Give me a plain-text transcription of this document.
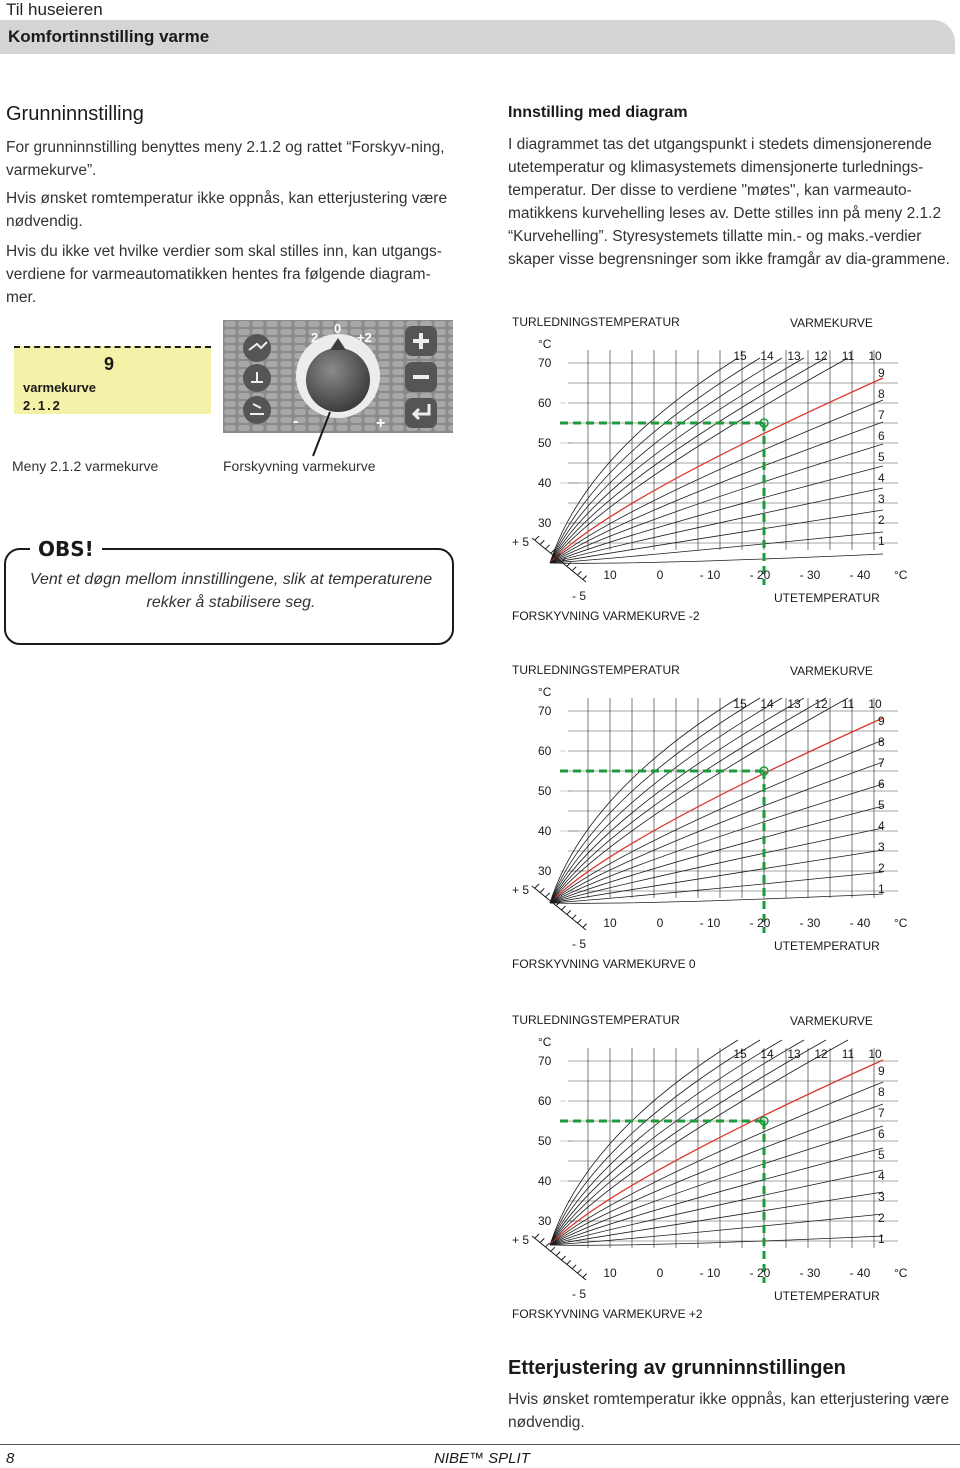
Til huseieren
Komfortinnstilling varme
Grunninnstilling
For grunninnstilling benyttes meny 2.1.2 og rattet “Forskyv-ning, varmekurve”.
Hvis ønsket romtemperatur ikke oppnås, kan etterjustering være nødvendig.
Hvis du ikke vet hvilke verdier som skal stilles inn, kan utgangs-verdiene for varmeautomatikken hentes fra følgende diagram-mer.
9
varmekurve
2.1.2
2
0
+2
-	+
Meny 2.1.2 varmekurve	Forskyvning varmekurve
OBS!
Vent et døgn mellom innstillingene, slik at temperaturene rekker å stabilisere seg.
Innstilling med diagram
I diagrammet tas det utgangspunkt i stedets dimensjonerende utetemperatur og klimasystemets dimensjonerte turlednings-temperatur. Der disse to verdiene "møtes", kan varmeauto-matikkens kurvehelling leses av. Dette stilles inn på meny 2.1.2 “Kurvehelling”. Styresystemets tillatte min.- og maks.-verdier skaper visse begrensninger som ikke framgår av dia-grammene.
TURLEDNINGSTEMPERATUR	VARMEKURVE
°C
70
60
50
40
30
15 14 13 12 11 10
9
8
7
6
5
4
3
2
1
+ 5
10	0	- 10 - 20 - 30 - 40 °C
- 5	UTETEMPERATUR
FORSKYVNING VARMEKURVE -2
TURLEDNINGSTEMPERATUR	VARMEKURVE
°C
70
60
50
40
30
15 14 13 12 11 10
9
8
7
6
5
4
3
2
1
+ 5
10	0	- 10 - 20 - 30 - 40 °C
- 5	UTETEMPERATUR
FORSKYVNING VARMEKURVE 0
TURLEDNINGSTEMPERATUR	VARMEKURVE
°C
70
60
50
40
30
15 14 13 12 11 10
9
8
7
6
5
4
3
2
1
+ 5
10	0	- 10 - 20 - 30 - 40 °C
- 5	UTETEMPERATUR
FORSKYVNING VARMEKURVE +2
Etterjustering av grunninnstillingen
Hvis ønsket romtemperatur ikke oppnås, kan etterjustering være nødvendig.
8	NIBE™ SPLIT
